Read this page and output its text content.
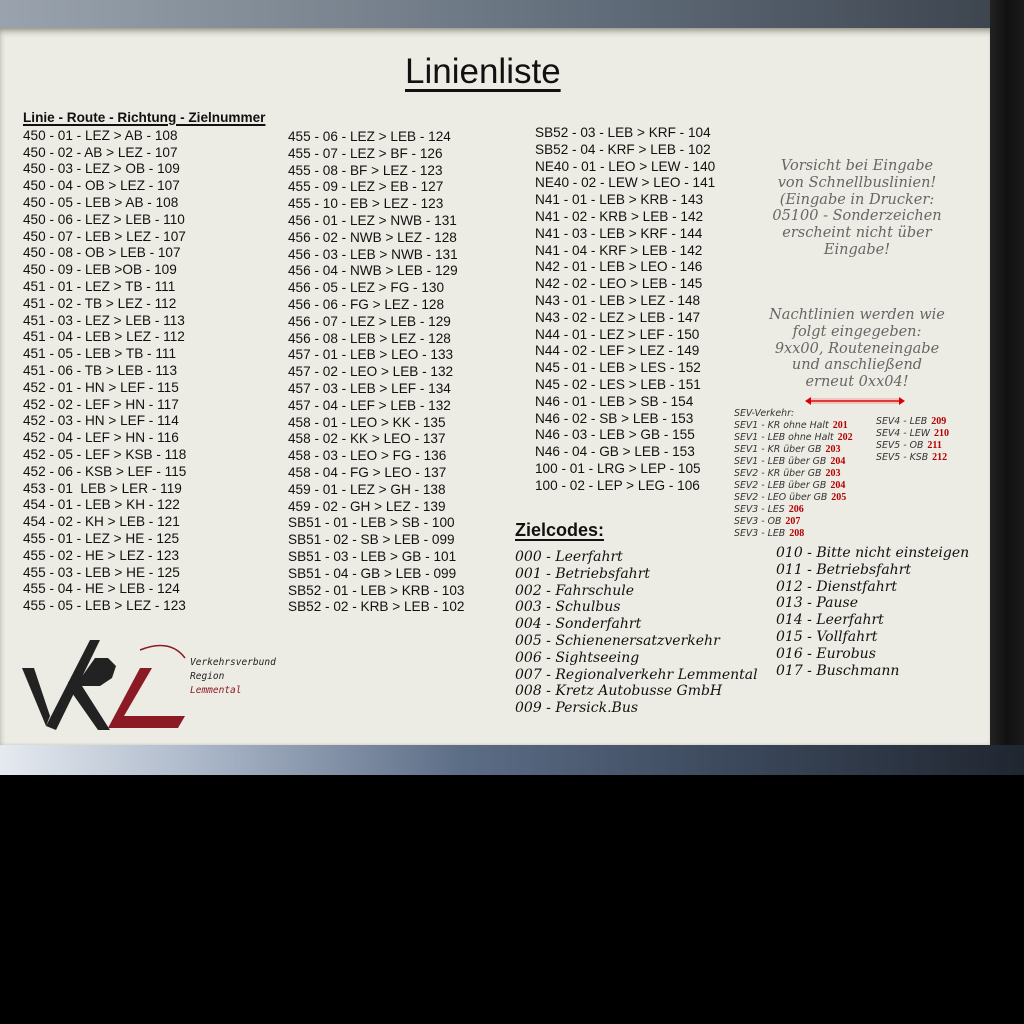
Linienliste
Linie - Route - Richtung - Zielnummer
450 - 01 - LEZ > AB - 108
450 - 02 - AB > LEZ - 107
450 - 03 - LEZ > OB - 109
450 - 04 - OB > LEZ - 107
450 - 05 - LEB > AB - 108
450 - 06 - LEZ > LEB - 110
450 - 07 - LEB > LEZ - 107
450 - 08 - OB > LEB - 107
450 - 09 - LEB >OB - 109
451 - 01 - LEZ > TB - 111
451 - 02 - TB > LEZ - 112
451 - 03 - LEZ > LEB - 113
451 - 04 - LEB > LEZ - 112
451 - 05 - LEB > TB - 111
451 - 06 - TB > LEB - 113
452 - 01 - HN > LEF - 115
452 - 02 - LEF > HN - 117
452 - 03 - HN > LEF - 114
452 - 04 - LEF > HN - 116
452 - 05 - LEF > KSB - 118
452 - 06 - KSB > LEF - 115
453 - 01  LEB > LER - 119
454 - 01 - LEB > KH - 122
454 - 02 - KH > LEB - 121
455 - 01 - LEZ > HE - 125
455 - 02 - HE > LEZ - 123
455 - 03 - LEB > HE - 125
455 - 04 - HE > LEB - 124
455 - 05 - LEB > LEZ - 123
455 - 06 - LEZ > LEB - 124
455 - 07 - LEZ > BF - 126
455 - 08 - BF > LEZ - 123
455 - 09 - LEZ > EB - 127
455 - 10 - EB > LEZ - 123
456 - 01 - LEZ > NWB - 131
456 - 02 - NWB > LEZ - 128
456 - 03 - LEB > NWB - 131
456 - 04 - NWB > LEB - 129
456 - 05 - LEZ > FG - 130
456 - 06 - FG > LEZ - 128
456 - 07 - LEZ > LEB - 129
456 - 08 - LEB > LEZ - 128
457 - 01 - LEB > LEO - 133
457 - 02 - LEO > LEB - 132
457 - 03 - LEB > LEF - 134
457 - 04 - LEF > LEB - 132
458 - 01 - LEO > KK - 135
458 - 02 - KK > LEO - 137
458 - 03 - LEO > FG - 136
458 - 04 - FG > LEO - 137
459 - 01 - LEZ > GH - 138
459 - 02 - GH > LEZ - 139
SB51 - 01 - LEB > SB - 100
SB51 - 02 - SB > LEB - 099
SB51 - 03 - LEB > GB - 101
SB51 - 04 - GB > LEB - 099
SB52 - 01 - LEB > KRB - 103
SB52 - 02 - KRB > LEB - 102
SB52 - 03 - LEB > KRF - 104
SB52 - 04 - KRF > LEB - 102
NE40 - 01 - LEO > LEW - 140
NE40 - 02 - LEW > LEO - 141
N41 - 01 - LEB > KRB - 143
N41 - 02 - KRB > LEB - 142
N41 - 03 - LEB > KRF - 144
N41 - 04 - KRF > LEB - 142
N42 - 01 - LEB > LEO - 146
N42 - 02 - LEO > LEB - 145
N43 - 01 - LEB > LEZ - 148
N43 - 02 - LEZ > LEB - 147
N44 - 01 - LEZ > LEF - 150
N44 - 02 - LEF > LEZ - 149
N45 - 01 - LEB > LES - 152
N45 - 02 - LES > LEB - 151
N46 - 01 - LEB > SB - 154
N46 - 02 - SB > LEB - 153
N46 - 03 - LEB > GB - 155
N46 - 04 - GB > LEB - 153
100 - 01 - LRG > LEP - 105
100 - 02 - LEP > LEG - 106
Vorsicht bei Eingabe
von Schnellbuslinien!
(Eingabe in Drucker:
05100 - Sonderzeichen
erscheint nicht über
Eingabe!
Nachtlinien werden wie
folgt eingegeben:
9xx00, Routeneingabe
und anschließend
erneut 0xx04!
SEV-Verkehr:
SEV1 - KR ohne Halt 201
SEV1 - LEB ohne Halt 202
SEV1 - KR über GB 203
SEV1 - LEB über GB 204
SEV2 - KR über GB 203
SEV2 - LEB über GB 204
SEV2 - LEO über GB 205
SEV3 - LES 206
SEV3 - OB 207
SEV3 - LEB 208
SEV4 - LEB 209
SEV4 - LEW 210
SEV5 - OB 211
SEV5 - KSB 212
Zielcodes:
000 - Leerfahrt
001 - Betriebsfahrt
002 - Fahrschule
003 - Schulbus
004 - Sonderfahrt
005 - Schienenersatzverkehr
006 - Sightseeing
007 - Regionalverkehr Lemmental
008 - Kretz Autobusse GmbH
009 - Persick.Bus
010 - Bitte nicht einsteigen
011 - Betriebsfahrt
012 - Dienstfahrt
013 - Pause
014 - Leerfahrt
015 - Vollfahrt
016 - Eurobus
017 - Buschmann
Verkehrsverbund
Region
Lemmental
